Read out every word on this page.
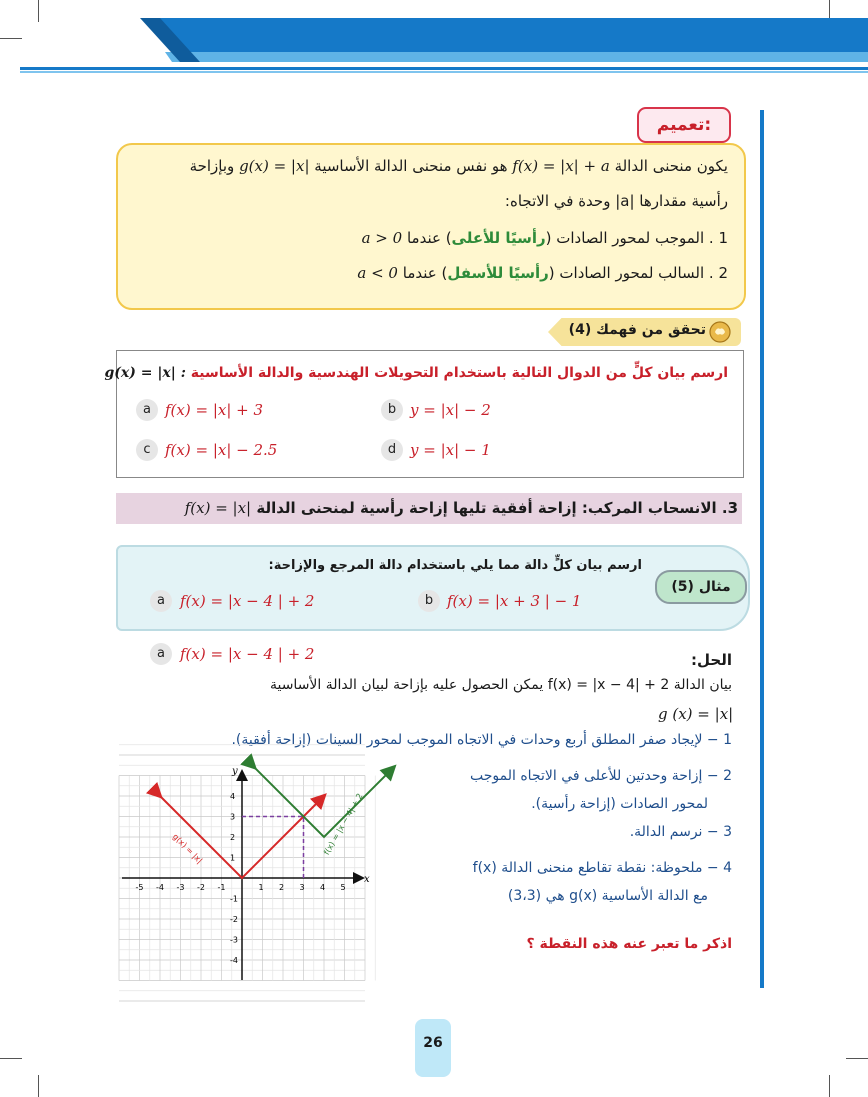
تعميم:
يكون منحنى الدالة f(x) = |x| + a هو نفس منحنى الدالة الأساسية g(x) = |x| وبإزاحة
رأسية مقدارها |a| وحدة في الاتجاه:
1 . الموجب لمحور الصادات (رأسيًا للأعلى) عندما a > 0
2 . السالب لمحور الصادات (رأسيًا للأسفل) عندما a < 0
تحقق من فهمك (4)
ارسم بيان كلٍّ من الدوال التالية باستخدام التحويلات الهندسية والدالة الأساسية g(x) = |x| :
a f(x) = |x| + 3	b y = |x| − 2
c f(x) = |x| − 2.5	d y = |x| − 1
3. الانسحاب المركب: إزاحة أفقية تليها إزاحة رأسية لمنحنى الدالة f(x) = |x|
مثال (5)
ارسم بيان كلٍّ دالة مما يلي باستخدام دالة المرجع والإزاحة:
a	f(x) = |x − 4 | + 2	b f(x) = |x + 3 | − 1
a	f(x) = |x − 4 | + 2	الحل:
بيان الدالة f(x) = |x − 4| + 2 يمكن الحصول عليه بإزاحة لبيان الدالة الأساسية
g (x) = |x|
1 − لإيجاد صفر المطلق أربع وحدات في الاتجاه الموجب لمحور السينات (إزاحة أفقية).
2 − إزاحة وحدتين للأعلى في الاتجاه الموجب
لمحور الصادات (إزاحة رأسية).
3 − نرسم الدالة.
4 − ملحوظة: نقطة تقاطع منحنى الدالة f(x)
مع الدالة الأساسية g(x) هي (3،3)
اذكر ما تعبر عنه هذه النقطة ؟
x
y
-5 -4 -3 -2 -1	1 2 3 4 5
4
3
2
1
-1
-2
-3
-4
g(x) = |x|	f(x) = |x − 4| + 2
26
